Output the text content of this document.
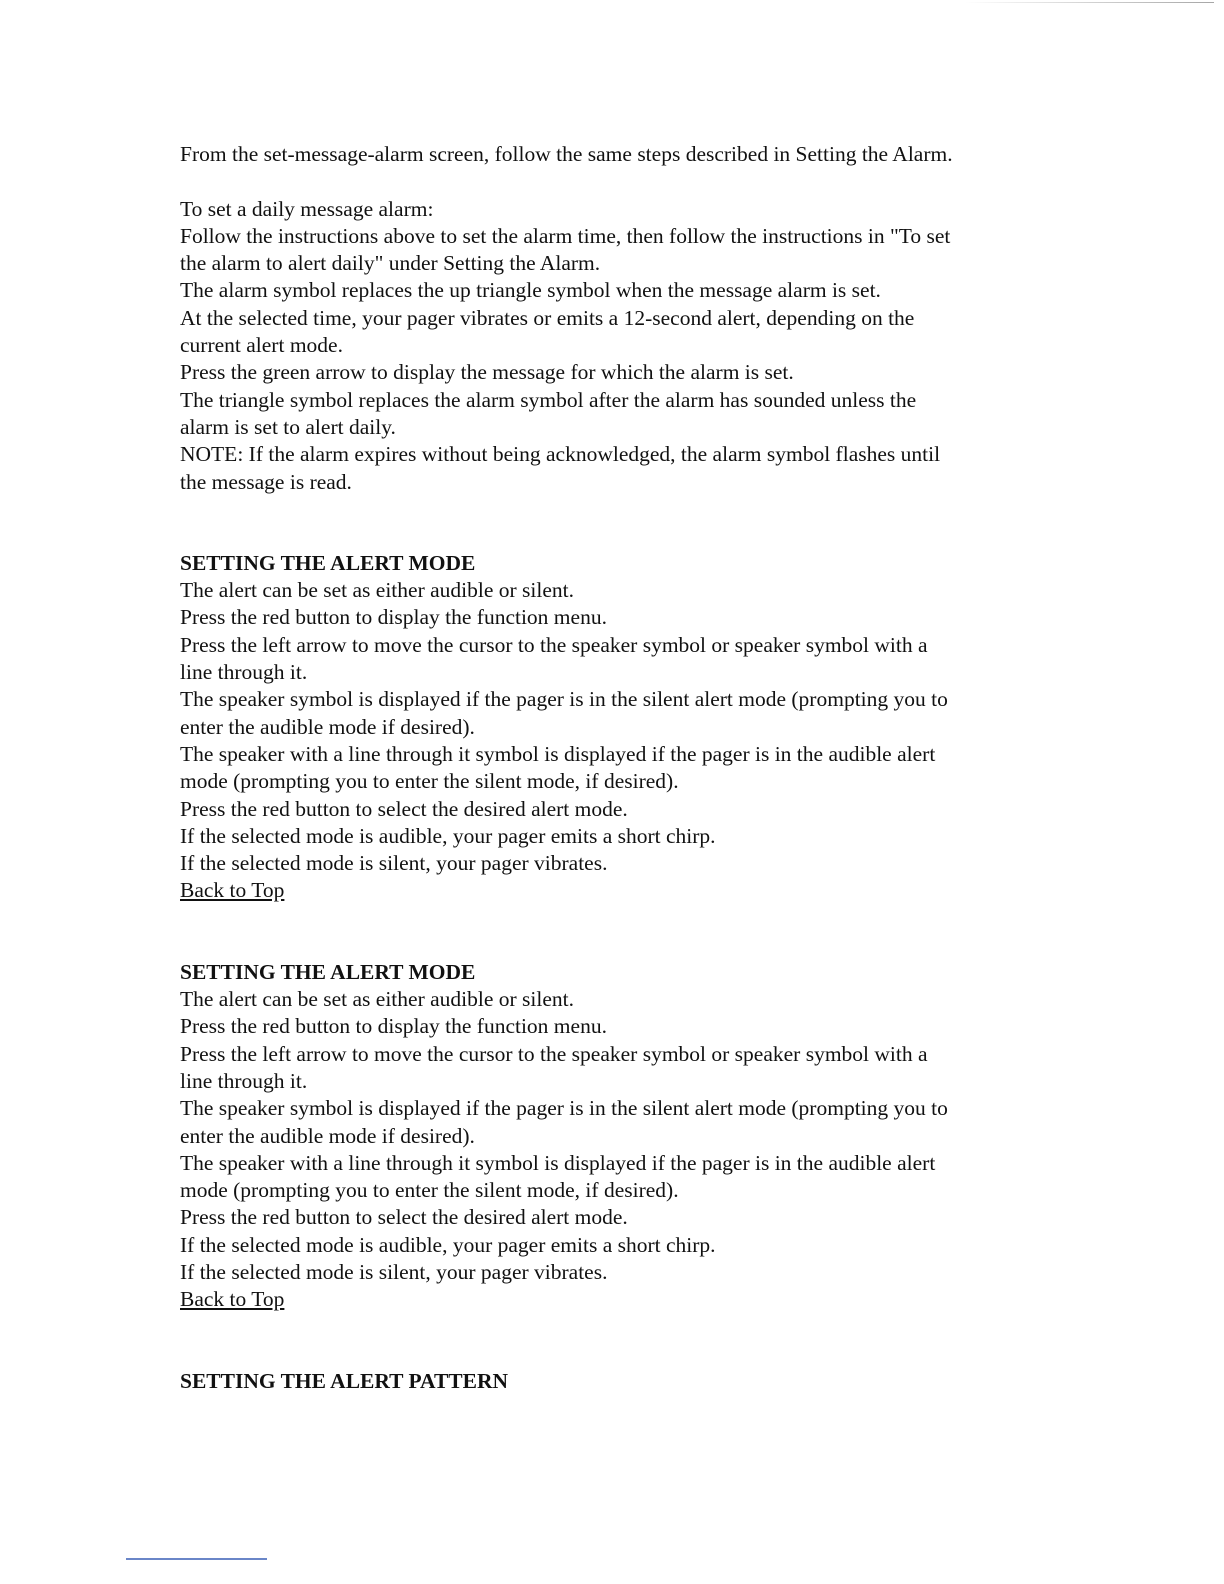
From the set-message-alarm screen, follow the same steps described in Setting the Alarm.
To set a daily message alarm:
Follow the instructions above to set the alarm time, then follow the instructions in "To set
the alarm to alert daily" under Setting the Alarm.
The alarm symbol replaces the up triangle symbol when the message alarm is set.
At the selected time, your pager vibrates or emits a 12-second alert, depending on the
current alert mode.
Press the green arrow to display the message for which the alarm is set.
The triangle symbol replaces the alarm symbol after the alarm has sounded unless the
alarm is set to alert daily.
NOTE: If the alarm expires without being acknowledged, the alarm symbol flashes until
the message is read.
SETTING THE ALERT MODE
The alert can be set as either audible or silent.
Press the red button to display the function menu.
Press the left arrow to move the cursor to the speaker symbol or speaker symbol with a
line through it.
The speaker symbol is displayed if the pager is in the silent alert mode (prompting you to
enter the audible mode if desired).
The speaker with a line through it symbol is displayed if the pager is in the audible alert
mode (prompting you to enter the silent mode, if desired).
Press the red button to select the desired alert mode.
If the selected mode is audible, your pager emits a short chirp.
If the selected mode is silent, your pager vibrates.
Back to Top
SETTING THE ALERT MODE
The alert can be set as either audible or silent.
Press the red button to display the function menu.
Press the left arrow to move the cursor to the speaker symbol or speaker symbol with a
line through it.
The speaker symbol is displayed if the pager is in the silent alert mode (prompting you to
enter the audible mode if desired).
The speaker with a line through it symbol is displayed if the pager is in the audible alert
mode (prompting you to enter the silent mode, if desired).
Press the red button to select the desired alert mode.
If the selected mode is audible, your pager emits a short chirp.
If the selected mode is silent, your pager vibrates.
Back to Top
SETTING THE ALERT PATTERN
